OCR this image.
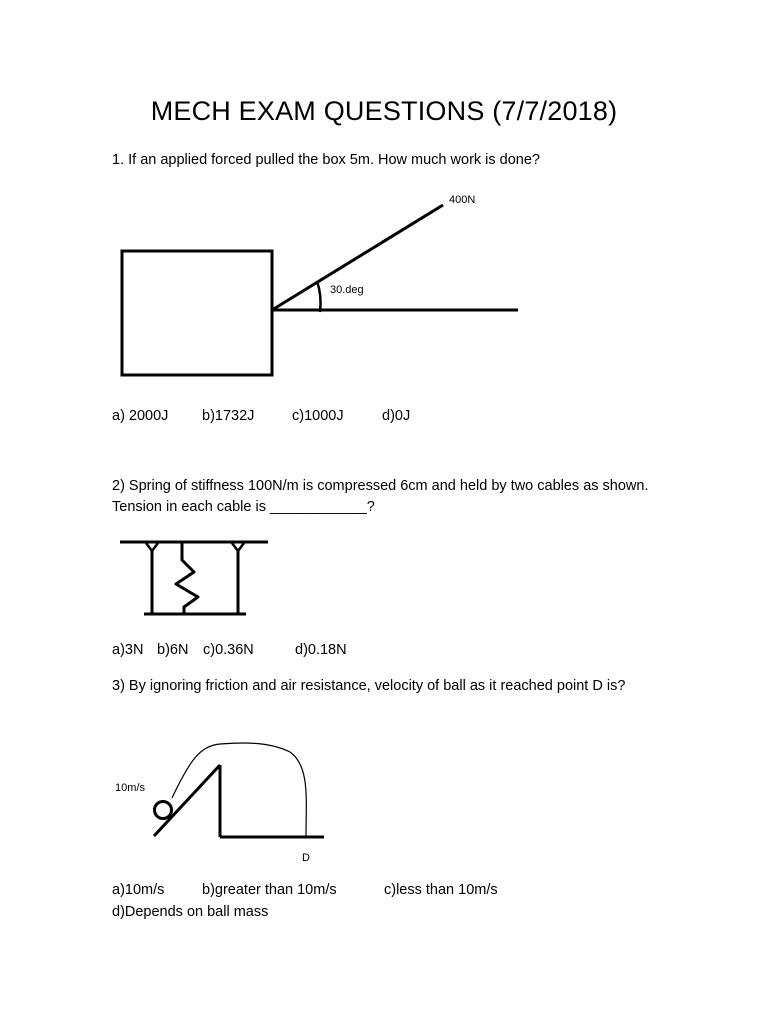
MECH EXAM QUESTIONS (7/7/2018)
1. If an applied forced pulled the box 5m. How much work is done?
400N
30.deg
a) 2000J b)1732J	c)1000J	d)0J
2) Spring of stiffness 100N/m is compressed 6cm and held by two cables as shown. Tension in each cable is ____________?
a)3N b)6N c)0.36N	d)0.18N
3) By ignoring friction and air resistance, velocity of ball as it reached point D is?
10m/s
D
a)10m/s	b)greater than 10m/s	c)less than 10m/s
d)Depends on ball mass
